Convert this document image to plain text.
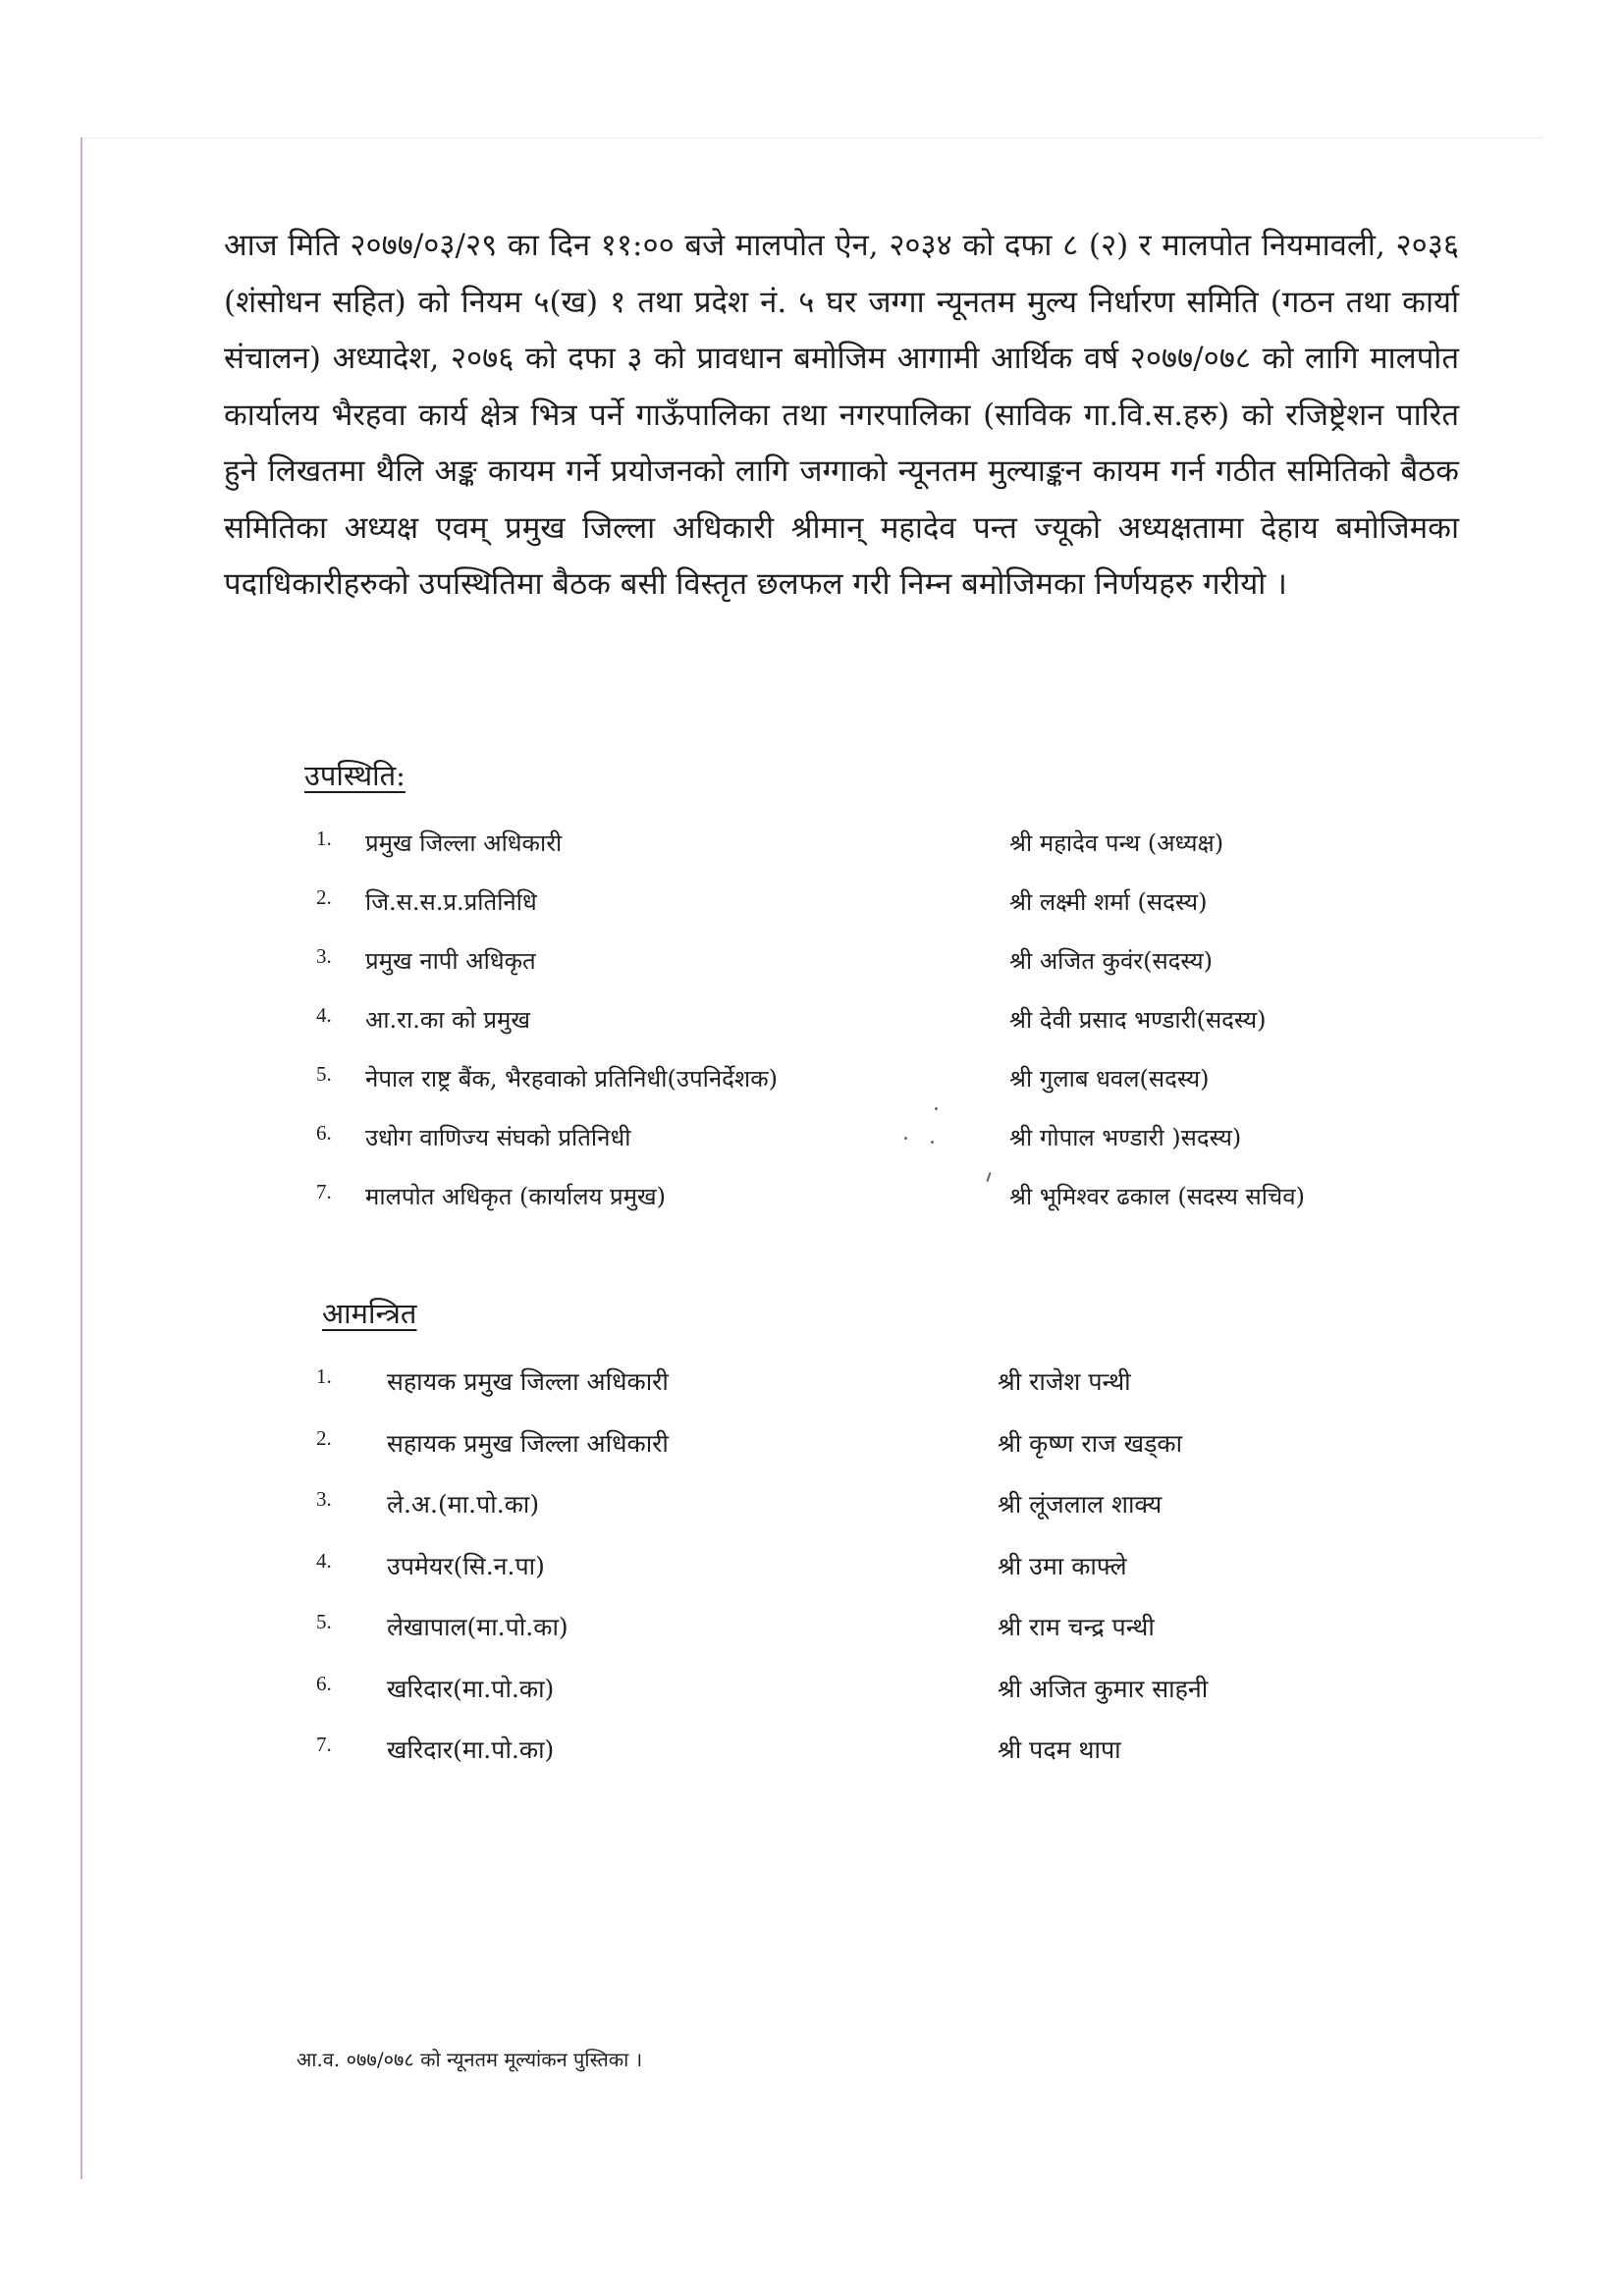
आज मिति २०७७/०३/२९ का दिन ११:०० बजे मालपोत ऐन, २०३४ को दफा ८ (२) र मालपोत नियमावली, २०३६ (शंसोधन सहित) को नियम ५(ख) १ तथा प्रदेश नं. ५ घर जग्गा न्यूनतम मुल्य निर्धारण समिति (गठन तथा कार्या संचालन) अध्यादेश, २०७६ को दफा ३ को प्रावधान बमोजिम आगामी आर्थिक वर्ष २०७७/०७८ को लागि मालपोत कार्यालय भैरहवा कार्य क्षेत्र भित्र पर्ने गाऊँपालिका तथा नगरपालिका (साविक गा.वि.स.हरु) को रजिष्ट्रेशन पारित हुने लिखतमा थैलि अङ्क कायम गर्ने प्रयोजनको लागि जग्गाको न्यूनतम मुल्याङ्कन कायम गर्न गठीत समितिको बैठक समितिका अध्यक्ष एवम् प्रमुख जिल्ला अधिकारी श्रीमान् महादेव पन्त ज्यूको अध्यक्षतामा देहाय बमोजिमका पदाधिकारीहरुको उपस्थितिमा बैठक बसी विस्तृत छलफल गरी निम्न बमोजिमका निर्णयहरु गरीयो ।

उपस्थिति:
1. प्रमुख जिल्ला अधिकारी	श्री महादेव पन्थ (अध्यक्ष)
2. जि.स.स.प्र.प्रतिनिधि	श्री लक्ष्मी शर्मा (सदस्य)
3. प्रमुख नापी अधिकृत	श्री अजित कुवंर(सदस्य)
4. आ.रा.का को प्रमुख	श्री देवी प्रसाद भण्डारी(सदस्य)
5. नेपाल राष्ट्र बैंक, भैरहवाको प्रतिनिधी(उपनिर्देशक)	श्री गुलाब धवल(सदस्य)
6. उधोग वाणिज्य संघको प्रतिनिधी	श्री गोपाल भण्डारी )सदस्य)
7. मालपोत अधिकृत (कार्यालय प्रमुख)	श्री भूमिश्वर ढकाल (सदस्य सचिव)
आमन्त्रित
1. सहायक प्रमुख जिल्ला अधिकारी	श्री राजेश पन्थी
2. सहायक प्रमुख जिल्ला अधिकारी	श्री कृष्ण राज खड्का
3. ले.अ.(मा.पो.का)	श्री लूंजलाल शाक्य
4. उपमेयर(सि.न.पा)	श्री उमा काफ्ले
5. लेखापाल(मा.पो.का)	श्री राम चन्द्र पन्थी
6. खरिदार(मा.पो.का)	श्री अजित कुमार साहनी
7. खरिदार(मा.पो.का)	श्री पदम थापा

आ.व. ०७७/०७८ को न्यूनतम मूल्यांकन पुस्तिका ।
